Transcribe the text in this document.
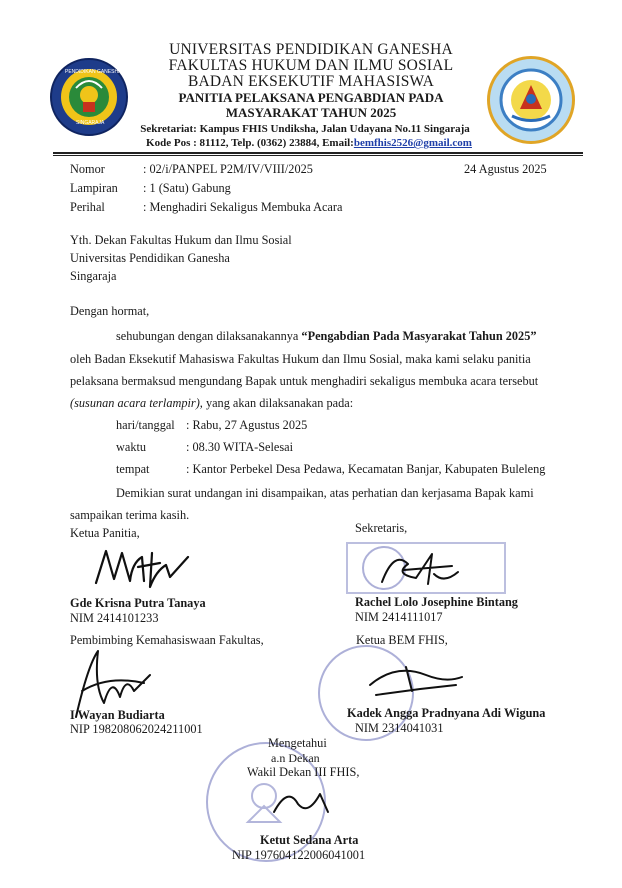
PENDIDIKAN GANESHA
SINGARAJA
UNIVERSITAS PENDIDIKAN GANESHA
FAKULTAS HUKUM DAN ILMU SOSIAL
BADAN EKSEKUTIF MAHASISWA
PANITIA PELAKSANA PENGABDIAN PADA
MASYARAKAT TAHUN 2025
Sekretariat: Kampus FHIS Undiksha, Jalan Udayana No.11 Singaraja
Kode Pos : 81112, Telp. (0362) 23884, Email:bemfhis2526@gmail.com
Nomor	: 02/i/PANPEL P2M/IV/VIII/2025	24 Agustus 2025
Lampiran : 1 (Satu) Gabung
Perihal	: Menghadiri Sekaligus Membuka Acara
Yth. Dekan Fakultas Hukum dan Ilmu Sosial
Universitas Pendidikan Ganesha
Singaraja
Dengan hormat,
sehubungan dengan dilaksanakannya “Pengabdian Pada Masyarakat Tahun 2025”
oleh Badan Eksekutif Mahasiswa Fakultas Hukum dan Ilmu Sosial, maka kami selaku panitia
pelaksana bermaksud mengundang Bapak untuk menghadiri sekaligus membuka acara tersebut
(susunan acara terlampir), yang akan dilaksanakan pada:
hari/tanggal : Rabu, 27 Agustus 2025
waktu	: 08.30 WITA-Selesai
tempat	: Kantor Perbekel Desa Pedawa, Kecamatan Banjar, Kabupaten Buleleng
Demikian surat undangan ini disampaikan, atas perhatian dan kerjasama Bapak kami
sampaikan terima kasih.
Ketua Panitia,
Gde Krisna Putra Tanaya
NIM 2414101233
Sekretaris,
Rachel Lolo Josephine Bintang
NIM 2414111017
Pembimbing Kemahasiswaan Fakultas,
I Wayan Budiarta
NIP 198208062024211001
Ketua BEM FHIS,
Kadek Angga Pradnyana Adi Wiguna
NIM 2314041031
Mengetahui
a.n Dekan
Wakil Dekan III FHIS,
Ketut Sedana Arta
NIP 197604122006041001
